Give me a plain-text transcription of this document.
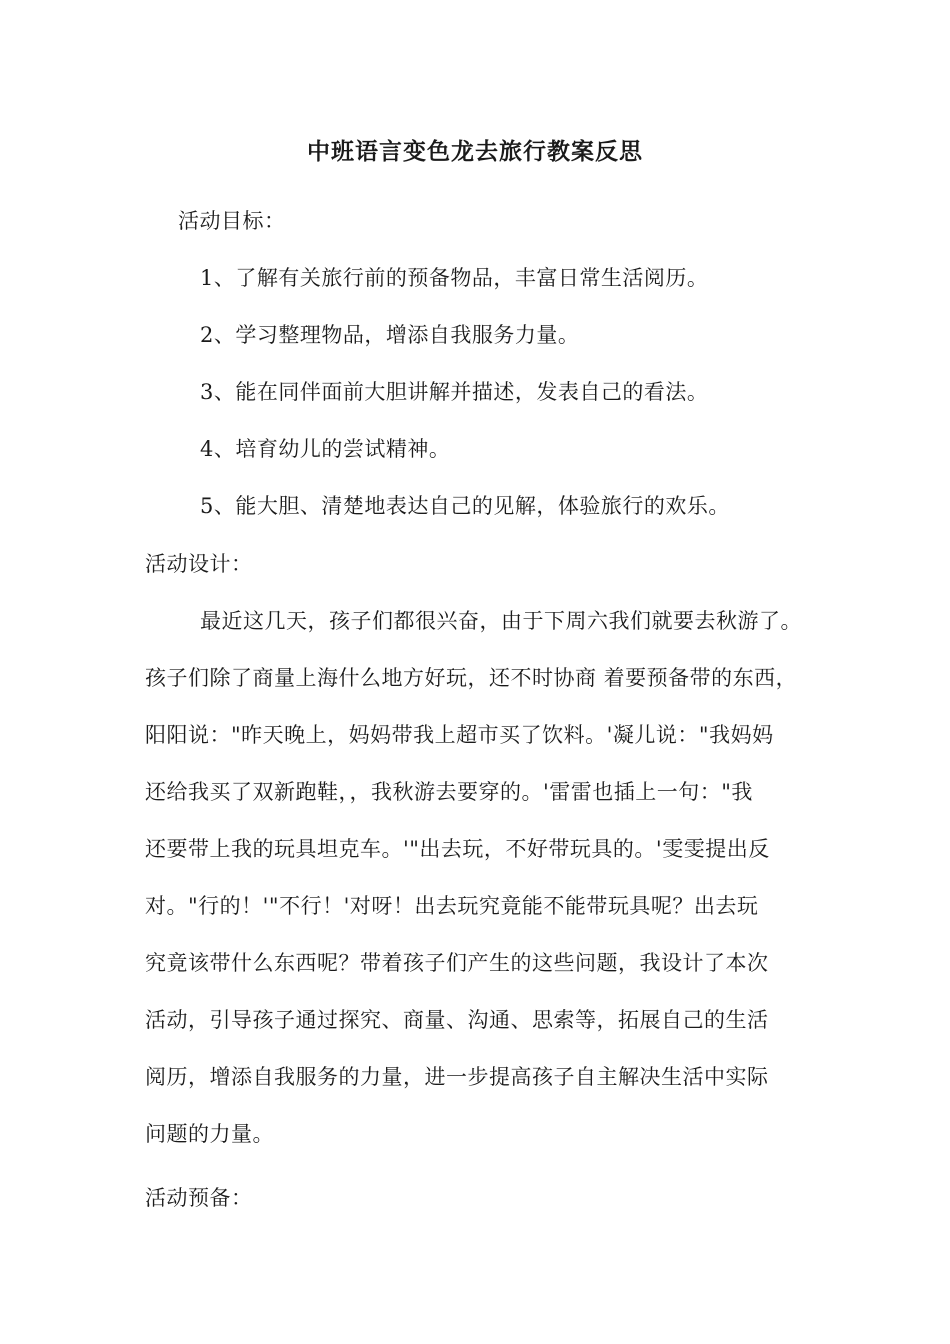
中班语言变色龙去旅行教案反思
活动目标：
1、了解有关旅行前的预备物品，丰富日常生活阅历。
2、学习整理物品，增添自我服务力量。
3、能在同伴面前大胆讲解并描述，发表自己的看法。
4、培育幼儿的尝试精神。
5、能大胆、清楚地表达自己的见解，体验旅行的欢乐。
活动设计：
最近这几天，孩子们都很兴奋，由于下周六我们就要去秋游了。
孩子们除了商量上海什么地方好玩，还不时协商 着要预备带的东西，
阳阳说："昨天晚上，妈妈带我上超市买了饮料。'凝儿说："我妈妈
还给我买了双新跑鞋，，我秋游去要穿的。'雷雷也插上一句："我
还要带上我的玩具坦克车。'"出去玩，不好带玩具的。'雯雯提出反
对。"行的！'"不行！'对呀！出去玩究竟能不能带玩具呢？出去玩
究竟该带什么东西呢？带着孩子们产生的这些问题，我设计了本次
活动，引导孩子通过探究、商量、沟通、思索等，拓展自己的生活
阅历，增添自我服务的力量，进一步提高孩子自主解决生活中实际
问题的力量。
活动预备：
